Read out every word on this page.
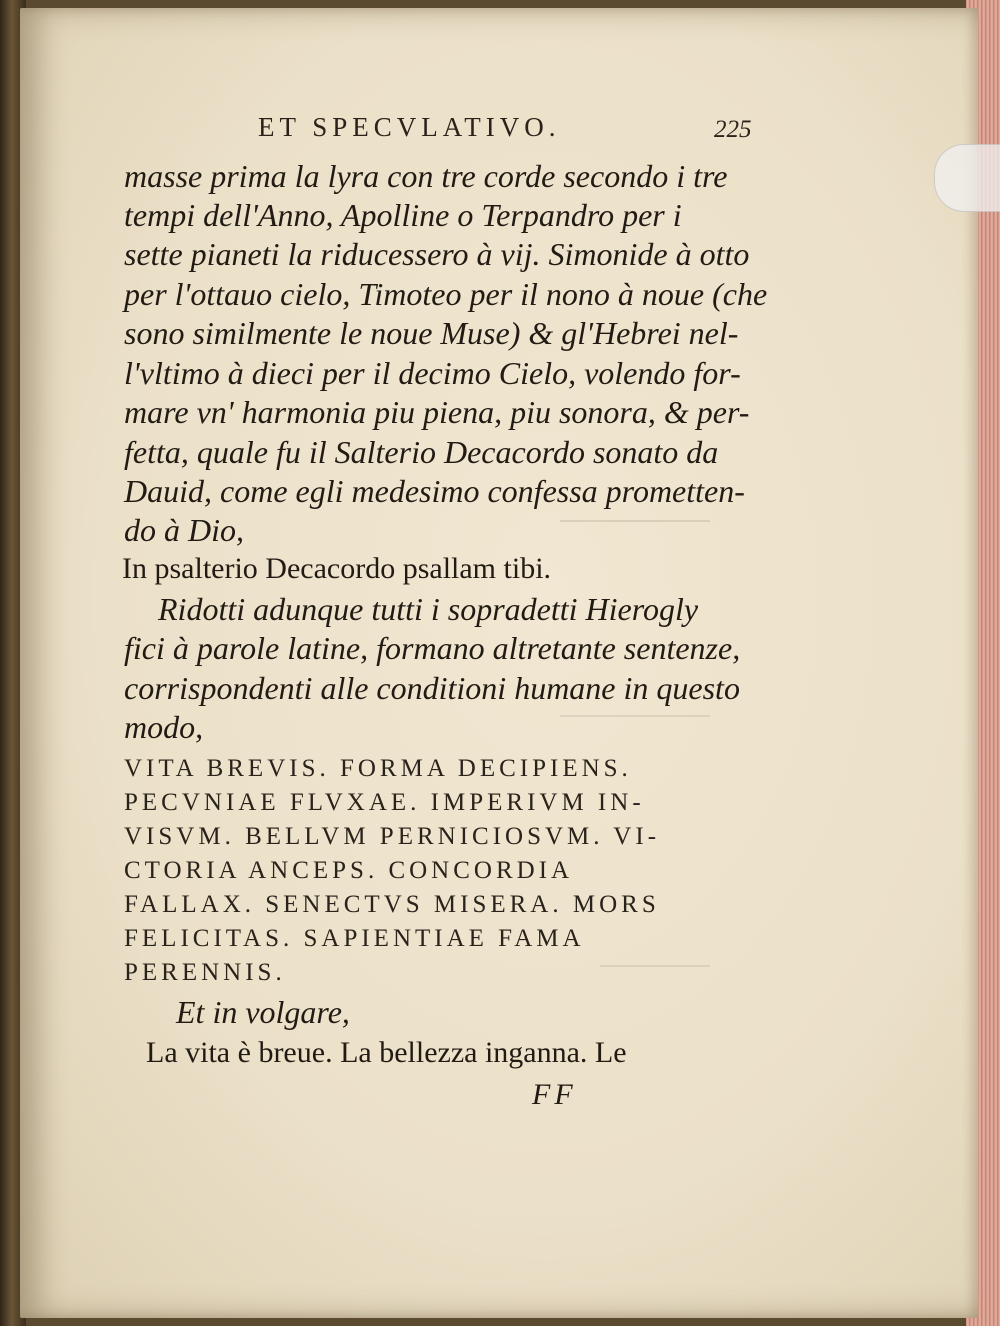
ET SPECVLATIVO.	225
masse prima la lyra con tre corde secondo i tre
tempi dell'Anno, Apolline o Terpandro per i
sette pianeti la riducessero à vij. Simonide à otto
per l'ottauo cielo, Timoteo per il nono à noue (che
sono similmente le noue Muse) & gl'Hebrei nel-
l'vltimo à dieci per il decimo Cielo, volendo for-
mare vn' harmonia piu piena, piu sonora, & per-
fetta, quale fu il Salterio Decacordo sonato da
Dauid, come egli medesimo confessa prometten-
do à Dio,
In psalterio Decacordo psallam tibi.
Ridotti adunque tutti i sopradetti Hierogly
fici à parole latine, formano altretante sentenze,
corrispondenti alle conditioni humane in questo
modo,
VITA BREVIS. FORMA DECIPIENS.
PECVNIAE FLVXAE. IMPERIVM IN-
VISVM. BELLVM PERNICIOSVM. VI-
CTORIA ANCEPS. CONCORDIA
FALLAX. SENECTVS MISERA. MORS
FELICITAS. SAPIENTIAE FAMA
PERENNIS.
Et in volgare,
La vita è breue. La bellezza inganna. Le
FF
